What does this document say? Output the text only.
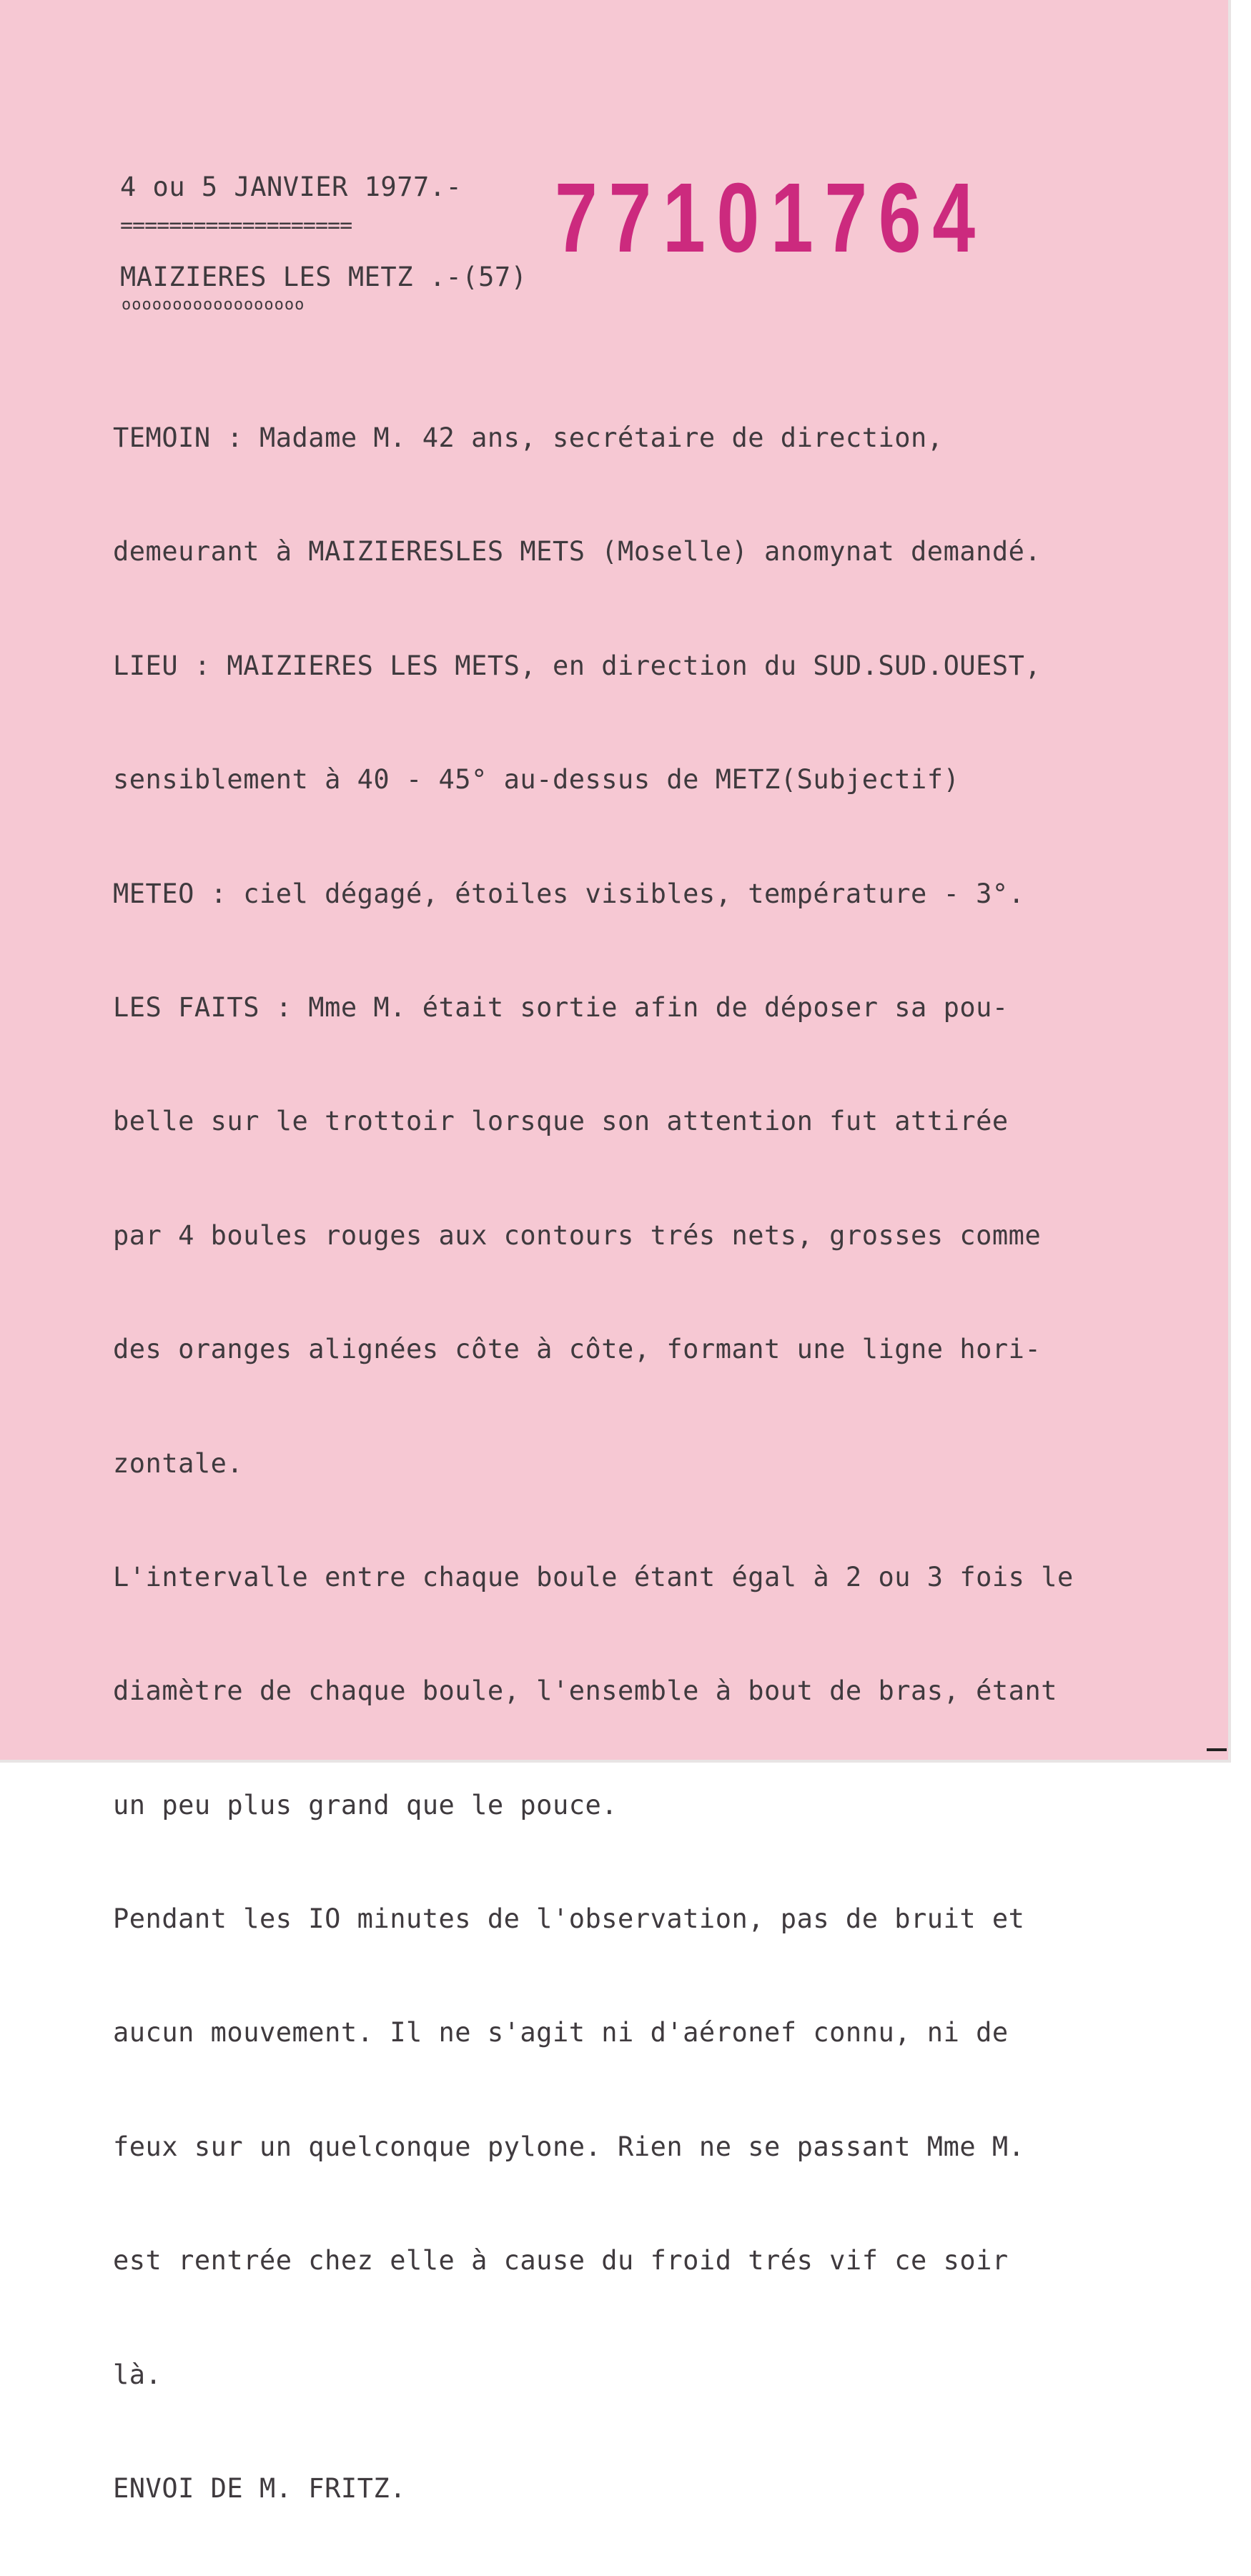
4 ou 5 JANVIER 1977.-
===================
MAIZIERES LES METZ .-(57)
oooooooooooooooooo
77101764

TEMOIN : Madame M. 42 ans, secrétaire de direction,

demeurant à MAIZIERESLES METS (Moselle) anomynat demandé.

LIEU : MAIZIERES LES METS, en direction du SUD.SUD.OUEST,

sensiblement à 40 - 45° au-dessus de METZ(Subjectif)

METEO : ciel dégagé, étoiles visibles, température - 3°.

LES FAITS : Mme M. était sortie afin de déposer sa pou-

belle sur le trottoir lorsque son attention fut attirée

par 4 boules rouges aux contours trés nets, grosses comme

des oranges alignées côte à côte, formant une ligne hori-

zontale.

L'intervalle entre chaque boule étant égal à 2 ou 3 fois le

diamètre de chaque boule, l'ensemble à bout de bras, étant

un peu plus grand que le pouce.

Pendant les IO minutes de l'observation, pas de bruit et

aucun mouvement. Il ne s'agit ni d'aéronef connu, ni de

feux sur un quelconque pylone. Rien ne se passant Mme M.

est rentrée chez elle à cause du froid trés vif ce soir

là.

ENVOI DE M. FRITZ.
